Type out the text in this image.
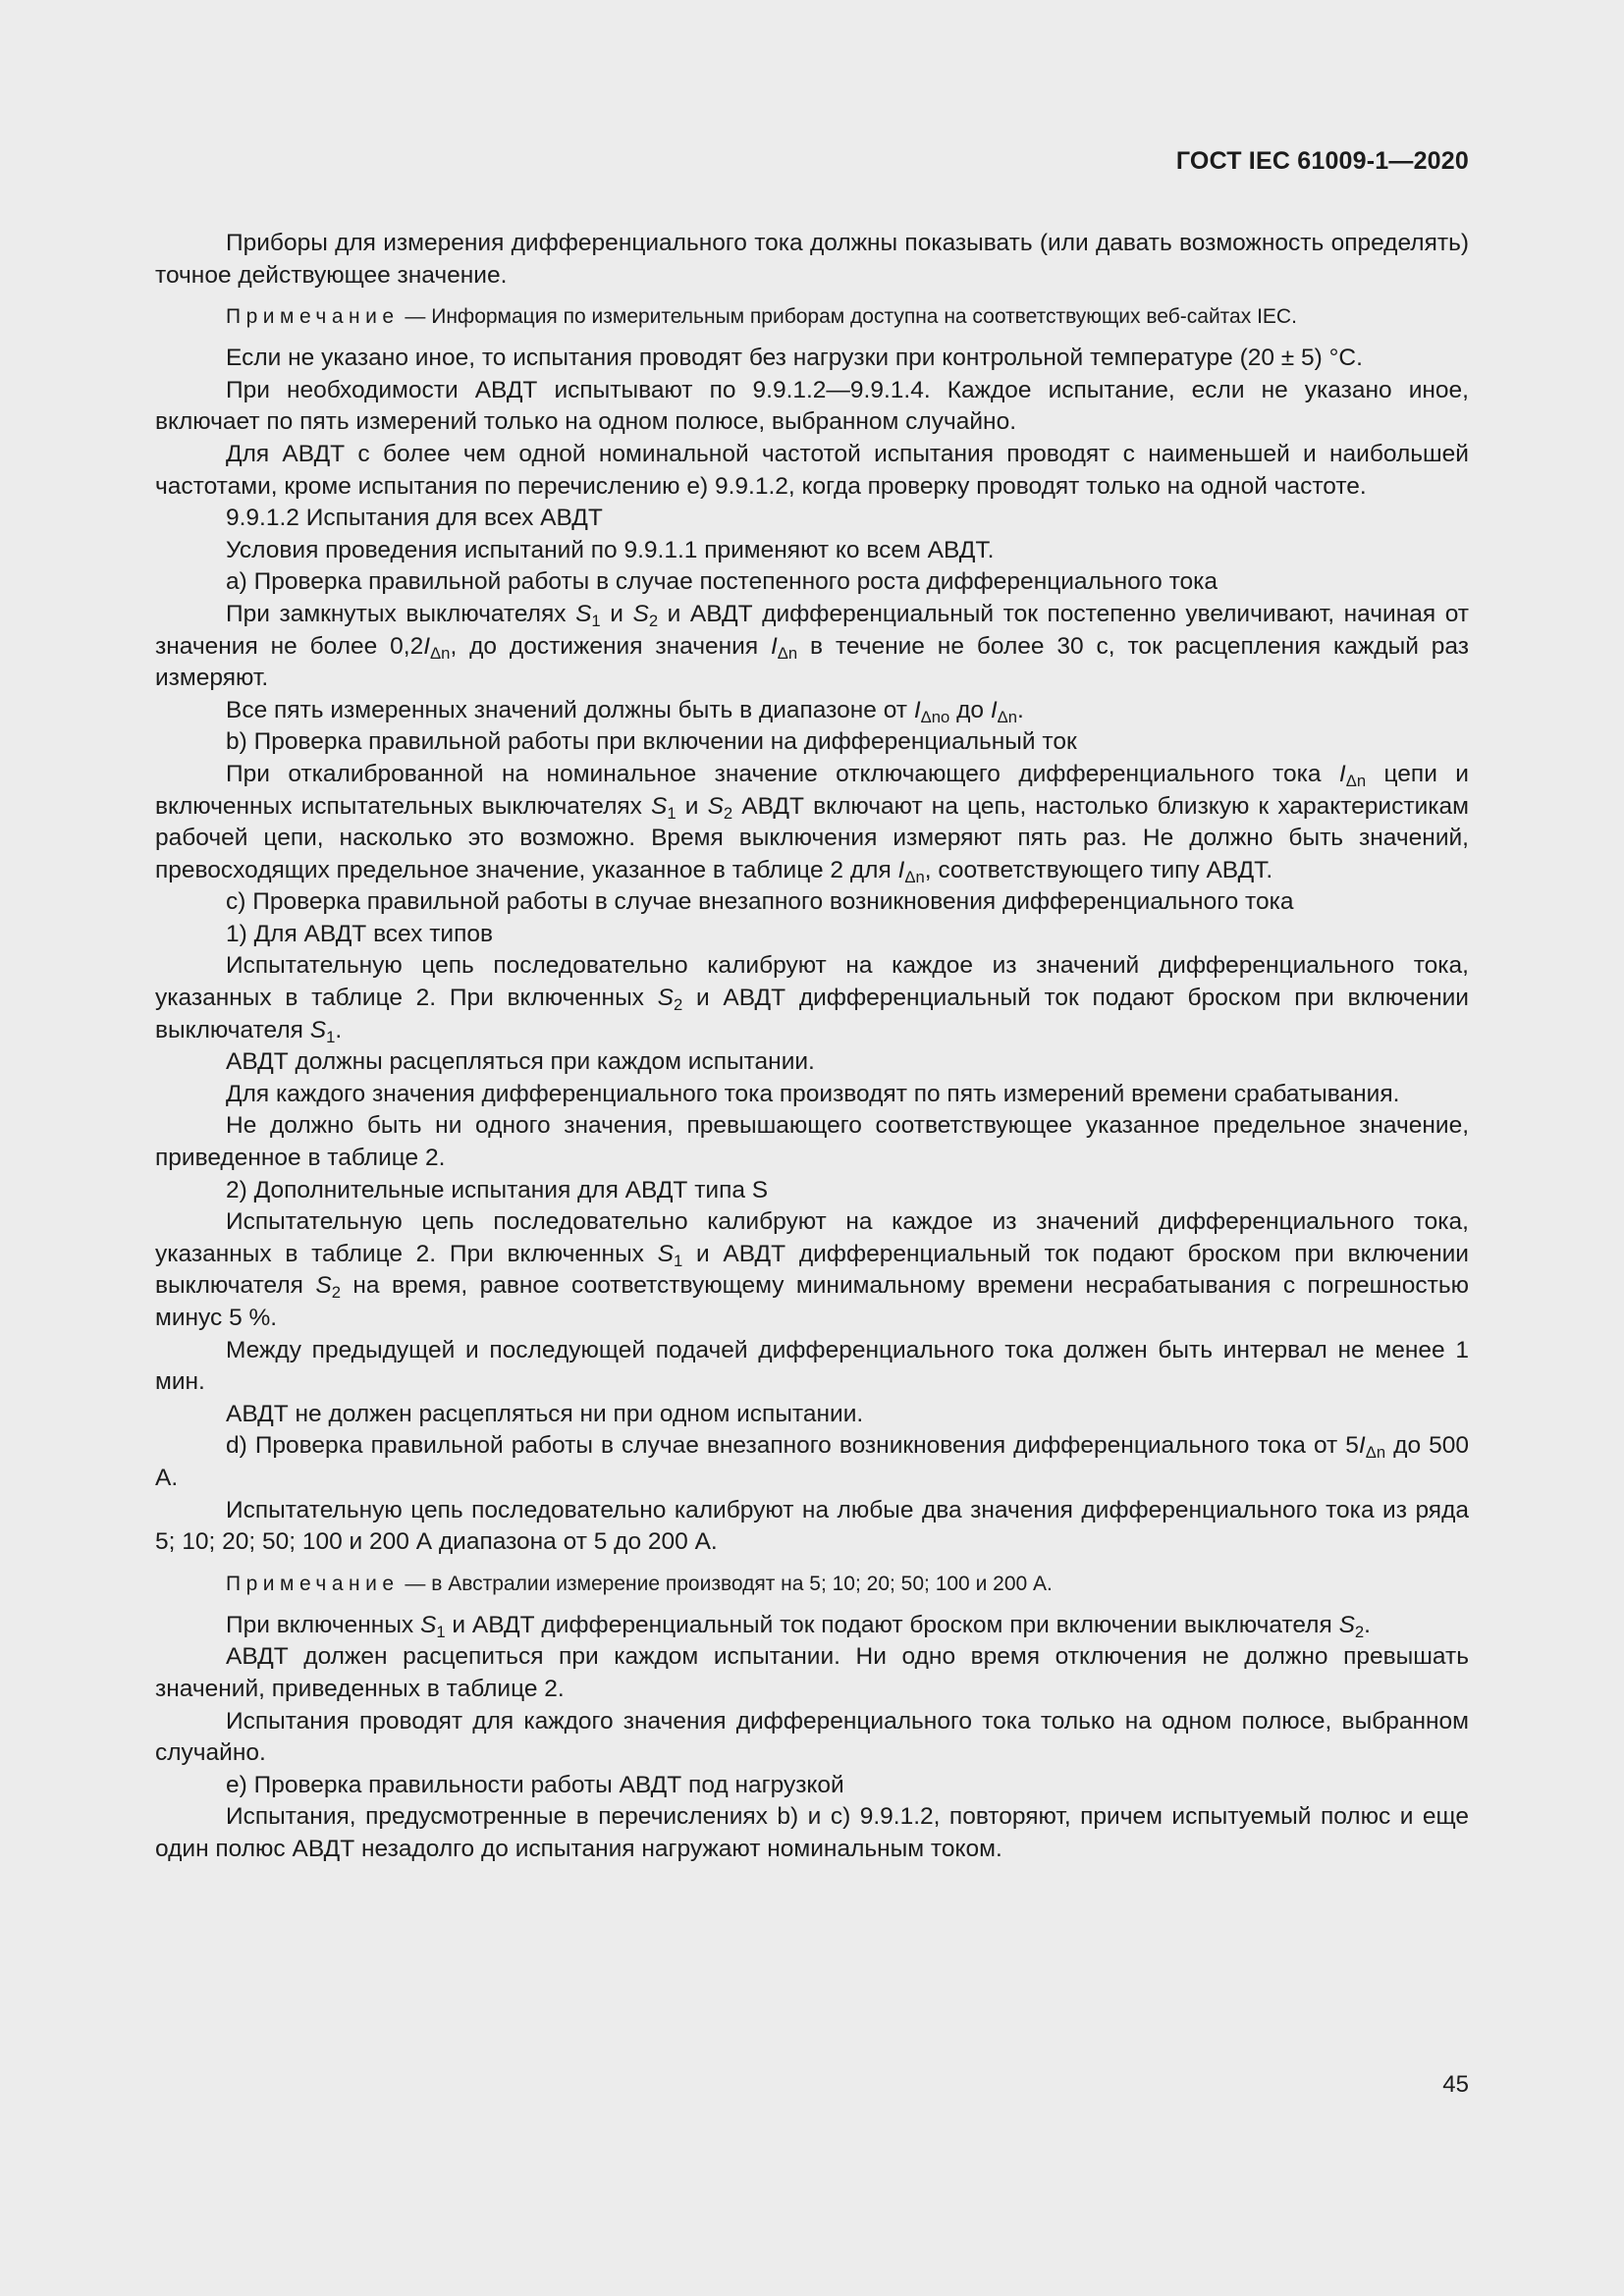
ГОСТ IEC 61009-1—2020

Приборы для измерения дифференциального тока должны показывать (или давать возможность определять) точное действующее значение.

Примечание — Информация по измерительным приборам доступна на соответствующих веб-сайтах IEC.

Если не указано иное, то испытания проводят без нагрузки при контрольной температуре (20 ± 5) °С.

При необходимости АВДТ испытывают по 9.9.1.2—9.9.1.4. Каждое испытание, если не указано иное, включает по пять измерений только на одном полюсе, выбранном случайно.

Для АВДТ с более чем одной номинальной частотой испытания проводят с наименьшей и наибольшей частотами, кроме испытания по перечислению е) 9.9.1.2, когда проверку проводят только на одной частоте.

9.9.1.2 Испытания для всех АВДТ

Условия проведения испытаний по 9.9.1.1 применяют ко всем АВДТ.

a) Проверка правильной работы в случае постепенного роста дифференциального тока

При замкнутых выключателях $S_1$ и $S_2$ и АВДТ дифференциальный ток постепенно увеличивают, начиная от значения не более $0,2I_{\Delta n}$, до достижения значения $I_{\Delta n}$ в течение не более 30 с, ток расцепления каждый раз измеряют.

Все пять измеренных значений должны быть в диапазоне от $I_{\Delta no}$ до $I_{\Delta n}$.

b) Проверка правильной работы при включении на дифференциальный ток

При откалиброванной на номинальное значение отключающего дифференциального тока $I_{\Delta n}$ цепи и включенных испытательных выключателях $S_1$ и $S_2$ АВДТ включают на цепь, настолько близкую к характеристикам рабочей цепи, насколько это возможно. Время выключения измеряют пять раз. Не должно быть значений, превосходящих предельное значение, указанное в таблице 2 для $I_{\Delta n}$, соответствующего типу АВДТ.

c) Проверка правильной работы в случае внезапного возникновения дифференциального тока

1) Для АВДТ всех типов

Испытательную цепь последовательно калибруют на каждое из значений дифференциального тока, указанных в таблице 2. При включенных $S_2$ и АВДТ дифференциальный ток подают броском при включении выключателя $S_1$.

АВДТ должны расцепляться при каждом испытании.

Для каждого значения дифференциального тока производят по пять измерений времени срабатывания.

Не должно быть ни одного значения, превышающего соответствующее указанное предельное значение, приведенное в таблице 2.

2) Дополнительные испытания для АВДТ типа S

Испытательную цепь последовательно калибруют на каждое из значений дифференциального тока, указанных в таблице 2. При включенных $S_1$ и АВДТ дифференциальный ток подают броском при включении выключателя $S_2$ на время, равное соответствующему минимальному времени несрабатывания с погрешностью минус 5 %.

Между предыдущей и последующей подачей дифференциального тока должен быть интервал не менее 1 мин.

АВДТ не должен расцепляться ни при одном испытании.

d) Проверка правильной работы в случае внезапного возникновения дифференциального тока от $5I_{\Delta n}$ до 500 А.

Испытательную цепь последовательно калибруют на любые два значения дифференциального тока из ряда 5; 10; 20; 50; 100 и 200 А диапазона от 5 до 200 А.

Примечание — в Австралии измерение производят на 5; 10; 20; 50; 100 и 200 А.

При включенных $S_1$ и АВДТ дифференциальный ток подают броском при включении выключателя $S_2$.

АВДТ должен расцепиться при каждом испытании. Ни одно время отключения не должно превышать значений, приведенных в таблице 2.

Испытания проводят для каждого значения дифференциального тока только на одном полюсе, выбранном случайно.

е) Проверка правильности работы АВДТ под нагрузкой

Испытания, предусмотренные в перечислениях b) и с) 9.9.1.2, повторяют, причем испытуемый полюс и еще один полюс АВДТ незадолго до испытания нагружают номинальным током.

45
